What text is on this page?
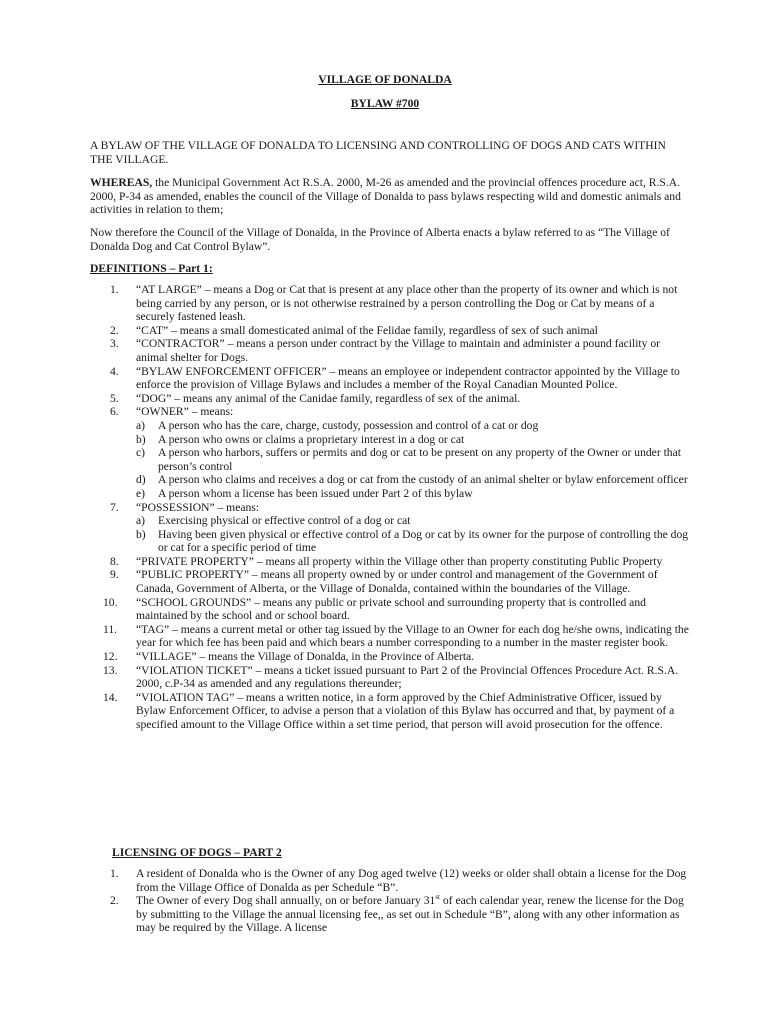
VILLAGE OF DONALDA
BYLAW #700
A BYLAW OF THE VILLAGE OF DONALDA TO LICENSING AND CONTROLLING OF DOGS AND CATS WITHIN THE VILLAGE.
WHEREAS, the Municipal Government Act R.S.A. 2000, M-26 as amended and the provincial offences procedure act, R.S.A. 2000, P-34 as amended, enables the council of the Village of Donalda to pass bylaws respecting wild and domestic animals and activities in relation to them;
Now therefore the Council of the Village of Donalda, in the Province of Alberta enacts a bylaw referred to as “The Village of Donalda Dog and Cat Control Bylaw”.
DEFINITIONS – Part 1:
1.	“AT LARGE” – means a Dog or Cat that is present at any place other than the property of its owner and which is not being carried by any person, or is not otherwise restrained by a person controlling the Dog or Cat by means of a securely fastened leash.
2.	“CAT” – means a small domesticated animal of the Felidae family, regardless of sex of such animal
3.	“CONTRACTOR” – means a person under contract by the Village to maintain and administer a pound facility or animal shelter for Dogs.
4.	“BYLAW ENFORCEMENT OFFICER” – means an employee or independent contractor appointed by the Village to enforce the provision of Village Bylaws and includes a member of the Royal Canadian Mounted Police.
5.	“DOG” – means any animal of the Canidae family, regardless of sex of the animal.
6.	“OWNER” – means:
a) A person who has the care, charge, custody, possession and control of a cat or dog
b) A person who owns or claims a proprietary interest in a dog or cat
c) A person who harbors, suffers or permits and dog or cat to be present on any property of the Owner or under that person’s control
d) A person who claims and receives a dog or cat from the custody of an animal shelter or bylaw enforcement officer
e) A person whom a license has been issued under Part 2 of this bylaw
7.	“POSSESSION” – means:
a) Exercising physical or effective control of a dog or cat
b) Having been given physical or effective control of a Dog or cat by its owner for the purpose of controlling the dog or cat for a specific period of time
8.	“PRIVATE PROPERTY” – means all property within the Village other than property constituting Public Property
9.	“PUBLIC PROPERTY” – means all property owned by or under control and management of the Government of Canada, Government of Alberta, or the Village of Donalda, contained within the boundaries of the Village.
10.	“SCHOOL GROUNDS” – means any public or private school and surrounding property that is controlled and maintained by the school and or school board.
11.	“TAG” – means a current metal or other tag issued by the Village to an Owner for each dog he/she owns, indicating the year for which fee has been paid and which bears a number corresponding to a number in the master register book.
12.	“VILLAGE” – means the Village of Donalda, in the Province of Alberta.
13.	“VIOLATION TICKET” – means a ticket issued pursuant to Part 2 of the Provincial Offences Procedure Act. R.S.A. 2000, c.P-34 as amended and any regulations thereunder;
14.	“VIOLATION TAG” – means a written notice, in a form approved by the Chief Administrative Officer, issued by Bylaw Enforcement Officer, to advise a person that a violation of this Bylaw has occurred and that, by payment of a specified amount to the Village Office within a set time period, that person will avoid prosecution for the offence.
LICENSING OF DOGS – PART 2
1.	A resident of Donalda who is the Owner of any Dog aged twelve (12) weeks or older shall obtain a license for the Dog from the Village Office of Donalda as per Schedule “B”.
2.	The Owner of every Dog shall annually, on or before January 31st of each calendar year, renew the license for the Dog by submitting to the Village the annual licensing fee,, as set out in Schedule “B”, along with any other information as may be required by the Village. A license
